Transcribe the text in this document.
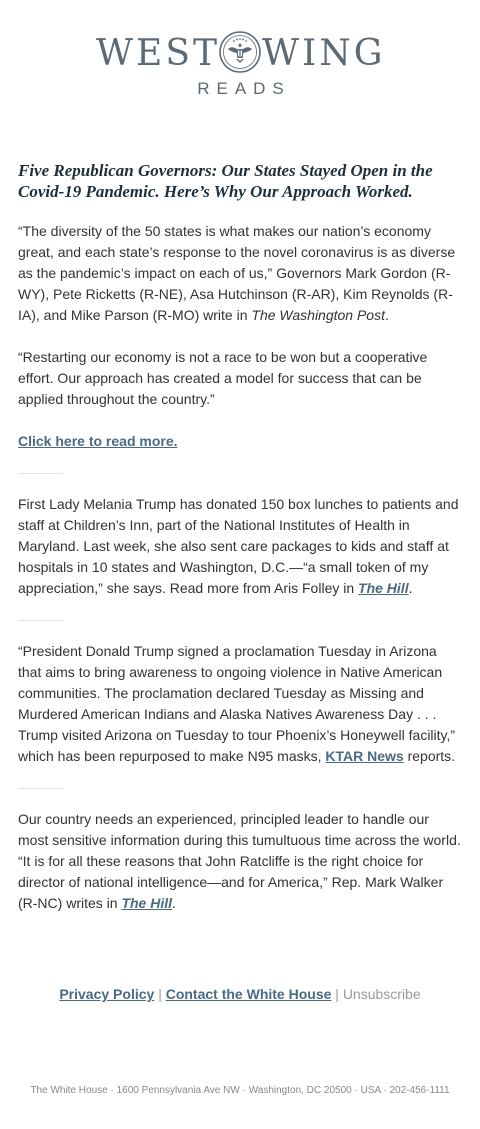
WEST WING
READS
Five Republican Governors: Our States Stayed Open in the Covid-19 Pandemic. Here’s Why Our Approach Worked.

“The diversity of the 50 states is what makes our nation’s economy great, and each state’s response to the novel coronavirus is as diverse as the pandemic’s impact on each of us,” Governors Mark Gordon (R-WY), Pete Ricketts (R-NE), Asa Hutchinson (R-AR), Kim Reynolds (R-IA), and Mike Parson (R-MO) write in The Washington Post.

“Restarting our economy is not a race to be won but a cooperative effort. Our approach has created a model for success that can be applied throughout the country.”

Click here to read more.

First Lady Melania Trump has donated 150 box lunches to patients and staff at Children’s Inn, part of the National Institutes of Health in Maryland. Last week, she also sent care packages to kids and staff at hospitals in 10 states and Washington, D.C.—“a small token of my appreciation,” she says. Read more from Aris Folley in The Hill.

“President Donald Trump signed a proclamation Tuesday in Arizona that aims to bring awareness to ongoing violence in Native American communities. The proclamation declared Tuesday as Missing and Murdered American Indians and Alaska Natives Awareness Day . . . Trump visited Arizona on Tuesday to tour Phoenix’s Honeywell facility,” which has been repurposed to make N95 masks, KTAR News reports.

Our country needs an experienced, principled leader to handle our most sensitive information during this tumultuous time across the world. “It is for all these reasons that John Ratcliffe is the right choice for director of national intelligence—and for America,” Rep. Mark Walker (R-NC) writes in The Hill.

Privacy Policy | Contact the White House | Unsubscribe
The White House · 1600 Pennsylvania Ave NW · Washington, DC 20500 · USA · 202-456-1111
